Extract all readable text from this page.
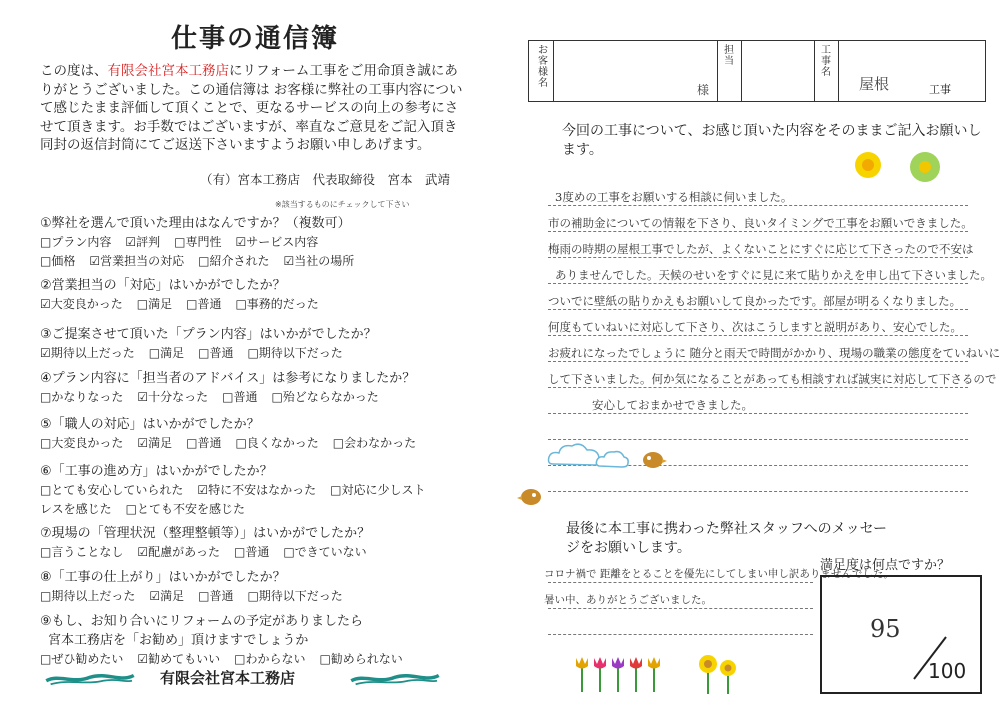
仕事の通信簿
この度は、有限会社宮本工務店にリフォーム工事をご用命頂き誠にありがとうございました。この通信簿は お客様に弊社の工事内容について感じたまま評価して頂くことで、更なるサービスの向上の参考にさせて頂きます。お手数ではございますが、率直なご意見をご記入頂き 同封の返信封筒にてご返送下さいますようお願い申しあげます。
（有）宮本工務店　代表取締役　宮本　武靖
※該当するものにチェックして下さい
①弊社を選んで頂いた理由はなんですか？（複数可）
□プラン内容 ☑評判 □専門性 ☑サービス内容
□価格 ☑営業担当の対応 □紹介された ☑当社の場所
②営業担当の「対応」はいかがでしたか？
☑大変良かった □満足 □普通 □事務的だった
③ご提案させて頂いた「プラン内容」はいかがでしたか？
☑期待以上だった □満足 □普通 □期待以下だった
④プラン内容に「担当者のアドバイス」は参考になりましたか？
□かなりなった ☑十分なった □普通 □殆どならなかった
⑤「職人の対応」はいかがでしたか？
□大変良かった ☑満足 □普通 □良くなかった □会わなかった
⑥「工事の進め方」はいかがでしたか？
□とても安心していられた ☑特に不安はなかった □対応に少しスト
レスを感じた □とても不安を感じた
⑦現場の「管理状況（整理整頓等）」はいかがでしたか？
□言うことなし ☑配慮があった □普通 □できていない
⑧「工事の仕上がり」はいかがでしたか？
□期待以上だった ☑満足 □普通 □期待以下だった
⑨もし、お知り合いにリフォームの予定がありましたら
宮本工務店を「お勧め」頂けますでしょうか
□ぜひ勧めたい ☑勧めてもいい □わからない □勧められない
有限会社宮本工務店
お客様名	様
担当
工事名
屋根	工事
今回の工事について、お感じ頂いた内容をそのままご記入お願いします。
3度めの工事をお願いする相談に伺いました。
市の補助金についての情報を下さり、良いタイミングで工事をお願いできました。
梅雨の時期の屋根工事でしたが、よくないことにすぐに応じて下さったので不安は
ありませんでした。天候のせいをすぐに見に来て貼りかえを申し出て下さいました。
ついでに壁紙の貼りかえもお願いして良かったです。部屋が明るくなりました。
何度もていねいに対応して下さり、次はこうしますと説明があり、安心でした。
お疲れになったでしょうに 随分と雨天で時間がかかり、現場の職業の態度をていねいに
して下さいました。何か気になることがあっても相談すれば誠実に対応して下さるので
安心しておまかせできました。
最後に本工事に携わった弊社スタッフへのメッセージをお願いします。
満足度は何点ですか？
コロナ禍で 距離をとることを優先にしてしまい申し訳ありませんでした。
暑い中、ありがとうございました。
95
100
